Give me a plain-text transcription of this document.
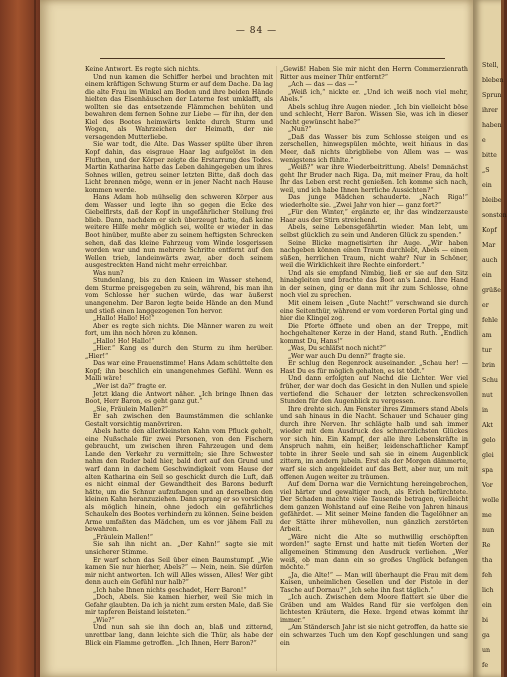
— 84 —

Keine Antwort. Es regte sich nichts.

Und nun kamen die Schiffer herbei und brachten mit einem kräftigen Schwung Sturm er auf dem Dache. Da lag die alte Frau im Winkel am Boden und ihre beiden Hände hielten das Eisenhäuschen der Laterne fest umklafft, als wollten sie das entsetzende Flämmchen behüten und bewahren dem fernen Sohne zur Liebe — für ihn, der den Kiel des Bootes heimwärts lenkte durch Sturm und Wogen, als Wahrzeichen der Heimath, der nie versagenden Mutterliebe.

Sie war todt, die Alte. Das Wasser spülte über ihren Kopf dahin, das eisgraue Haar lag aufgelöst in den Fluthen, und der Körper zeigte die Erstarrung des Todes. Martin Katharina hatte das Leben dahingegeben um ihres Sohnes willen, getreu seiner letzten Bitte, daß doch das Licht brennen möge, wenn er in jener Nacht nach Hause kommen werde.

Hans Adam hob mühselig den schweren Körper aus dem Wasser und legte ihn so gegen die Ecke des Giebelfirsts, daß der Kopf in ungefährlicher Stellung frei blieb. Dann, nachdem er sich überzeugt hatte, daß keine weitere Hilfe mehr möglich sei, wollte er wieder in das Boot hinüber, mußte aber zu seinem heftigsten Schrecken sehen, daß das kleine Fahrzeug vom Winde losgerissen worden war und nun mehrere Schritte entfernt auf den Wellen trieb, landeinwärts zwar, aber doch seinem ausgestreckten Hand nicht mehr erreichbar.

Was nun?

Stundenlang, bis zu den Knieen im Wasser stehend, dem Sturme preisgegeben zu sein, während, bis man ihn vom Schlosse her suchen würde, das war äußerst unangenehm. Der Baron legte beide Hände an den Mund und stieß einen langgezogenen Ton hervor.

„Hallo! Hallo! Ho!“

Aber es regte sich nichts. Die Männer waren zu weit fort, um ihn noch hören zu können.

„Hallo! Ho! Hallo!“

„Hier.“ Kang es durch den Sturm zu ihm herüber. „Hier!“

Das war eine Frauenstimme! Hans Adam schüttelte den Kopf; ihn beschlich ein unangenehmes Gefühl. Wenn es Malli wäre!

„Wer ist da?“ fragte er.

Jetzt klang die Antwort näher. „Ich bringe Ihnen das Boot, Herr Baron, es geht ganz gut.“

„Sie, Fräulein Mallen?“

Er sah zwischen den Baumstämmen die schlanke Gestalt vorsichtig manövriren.

Abels hatte den allerkleinsten Kahn vom Pfluck geholt, eine Nußschale für zwei Personen, von den Fischern gebraucht, um zwischen ihren Fahrzeugen und dem Lande den Verkehr zu vermitteln; sie Ihre Schwester nahm den Ruder bald hier, bald dort auf den Grund und warf dann in dachem Geschwindigkeit vom Hause der alten Katharina ein Seil so geschickt durch die Luft, daß es nicht einmal der Gewandtheit des Barons bedurft hätte, um die Schnur aufzufangen und an derselben den kleinen Kahn heranzuziehen. Dann sprang er so vorsichtig als möglich hinein, ohne jedoch ein gefährliches Schaukeln des Bootes verhindern zu können. Seine beiden Arme umfaßten das Mädchen, um es vor jähem Fall zu bewahren.

„Fräulein Mallen!“

Sie sah ihn nicht an. „Der Kahn!“ sagte sie mit unsicherer Stimme.

Er warf schon das Seil über einen Baumstumpf. „Wie kamen Sie nur hierher, Abels?“ — Nein, nein. Sie dürfen mir nicht antworten. Ich will Alles wissen, Alles! Wer gibt denn auch ein Gefühl nur halb?“

„Ich habe Ihnen nichts geschadet, Herr Baron!“

„Doch, Abels. Sie kamen hierher, weil Sie mich in Gefahr glaubten. Da ich ja nicht zum ersten Male, daß Sie mir tapferen Beistand leisteten.“

„Wie?“

Und nun sah sie ihn doch an, blaß und zitternd, unrettbar lang, dann leichte sich die Thür, als habe der Blick ein Flamme getroffen. „Ich Ihnen, Herr Baron?“

„Gewiß! Haben Sie mir nicht den Herrn Commerzienrath Ritter aus meiner Thür entfernt?“

„Ach — das — das —“

„Weiß ich,“ nickte er. „Und ich weiß noch viel mehr, Abels.“

Abels schlug ihre Augen nieder. „Ich bin vielleicht böse und schlecht, Herr Baron. Wissen Sie, was ich in dieser Nacht gewünscht habe?“

„Nun?“

„Daß das Wasser bis zum Schlosse steigen und es zerschellen, hinwegspülen möchte, weit hinaus in das Meer, daß nichts übrigbliebe von Allem was — was wenigstens ich fühlte.“

„Weiß?“ war ihre Wiederbeitrittung. Abels! Demnächst geht Ihr Bruder nach Riga. Da, mit meiner Frau, da holt Ihr das Leben erst recht genießen. Ich komme sich nach, weil, und ich habe Ihnen herrliche Aussichten?“

Das junge Mädchen schauderte. „Nach Riga!“ wiederholte sie. „Zwei Jahr von hier — ganz fort?“

„Für den Winter,“ ergänzte er, ihr das windzerzauste Haar aus der Stirn streichend.

Abels, seine Lebensgefährtin wieder. Man lebt, um selbst glücklich zu sein und Anderen Glück zu spenden.“

Seine Blicke magnetisirten ihr Auge. „Wir haben nachgeben können einen Traum durchlebt, Abels — einen süßen, herrlichen Traum, nicht wahr? Nur in Schöner, weil die Wirklichkeit ihre Rechte einfordert.“

Und als sie empfand Nimbig, ließ er sie auf den Sitz hinabgleiten und brachte das Boot an's Land. Ihre Hand in der seinen, ging er dann mit ihr zum Schlosse, ohne noch viel zu sprechen.

Mit einem leisen „Gute Nacht!“ verschwand sie durch eine Seitenthür, während er vom vorderen Portal ging und hier die Klingel zog.

Die Pforte öffnete und oben an der Treppe, mit hochgehaltener Kerze in der Hand, stand Ruth. „Endlich kommst Du, Hans!“

„Was, Du schläfst noch nicht?“

„Wer war auch Du denn?“ fragte sie.

Er schlug den Regenrock auseinander. „Schau her! — Hast Du es für möglich gehalten, es ist tödt.“

Und dann erfolgten auf Nachd die Lichter. Wer viel früher, der war doch das Gesicht in den Nullen und spiele vertiefend die Schauer der letzten schreckensvollen Stunden für den Augenblick zu vergessen.

Ihre drehte sich. Am Fenster ihres Zimmers stand Abels und sah hinaus in die Nacht. Schauer und Schauer ging durch ihre Nerven. Ihr schlägte halb und sah immer wieder mit dem Ausdruck des schmerzlichsten Glückes vor sich hin. Ein Kampf, der alle ihre Lebenskräfte in Anspruch nahm, ein heißer, leidenschaftlicher Kampf tobte in ihrer Seele und sah sie in einem Augenblick zittern, im andern jubeln. Erst als der Morgen dämmerte, warf sie sich angekleidet auf das Bett, aber nur, um mit offenen Augen weiter zu träumen.

Auf dem Dorna war die Vernichtung hereingebrochen, viel härter und gewaltiger noch, als Erich befürchtete. Der Schaden machte viele Tausende betragen, vielleicht dem ganzen Wohlstand auf eine Reihe von Jahren hinaus gefährdet. — Mit seiner Meine fanden die Tagelöhner an der Stätte ihrer mühevollen, nun gänzlich zerstörten Arbeit.

„Wäre nicht die Alte so muthwillig erschöpften worden!“ sagte Ernst und hatte mit tiefen Worten der allgemeinen Stimmung den Ausdruck verliehen. „Wer weiß, ob man dann ein so großes Unglück befangen möchte.“

„Ja, die Alte!“ — Man will überhaupt die Frau mit dem Kaisen, unheimlichen Gesellen und der Pistole in der Tasche auf Dornau?“ „Ich sehe ihn fast täglich.“

„Ich auch. Zwischen dem Moore flattert sie über die Gräben und am Waldes Rand für sie verfolgen den lichtesten Kräutern, die Hexe. Irgend etwas kommt ihr immer.“

„Am Ständersch Jahr ist sie nicht getroffen, da hatte sie ein schwarzes Tuch um den Kopf geschlungen und sang ein

Stell,
bleben
Sprun
ihrer
haben
e
bitte
„S
ein
bleibe
sonsten
Kopf
Mar
auch
ein
grüße
er
fehle
am
tur
brin
Schu
nut
in
Akt
gelo
glei
spa
Vor
wolle
me
nun
Re
tha
feh
lich
ein
bi
ga
un
fe
